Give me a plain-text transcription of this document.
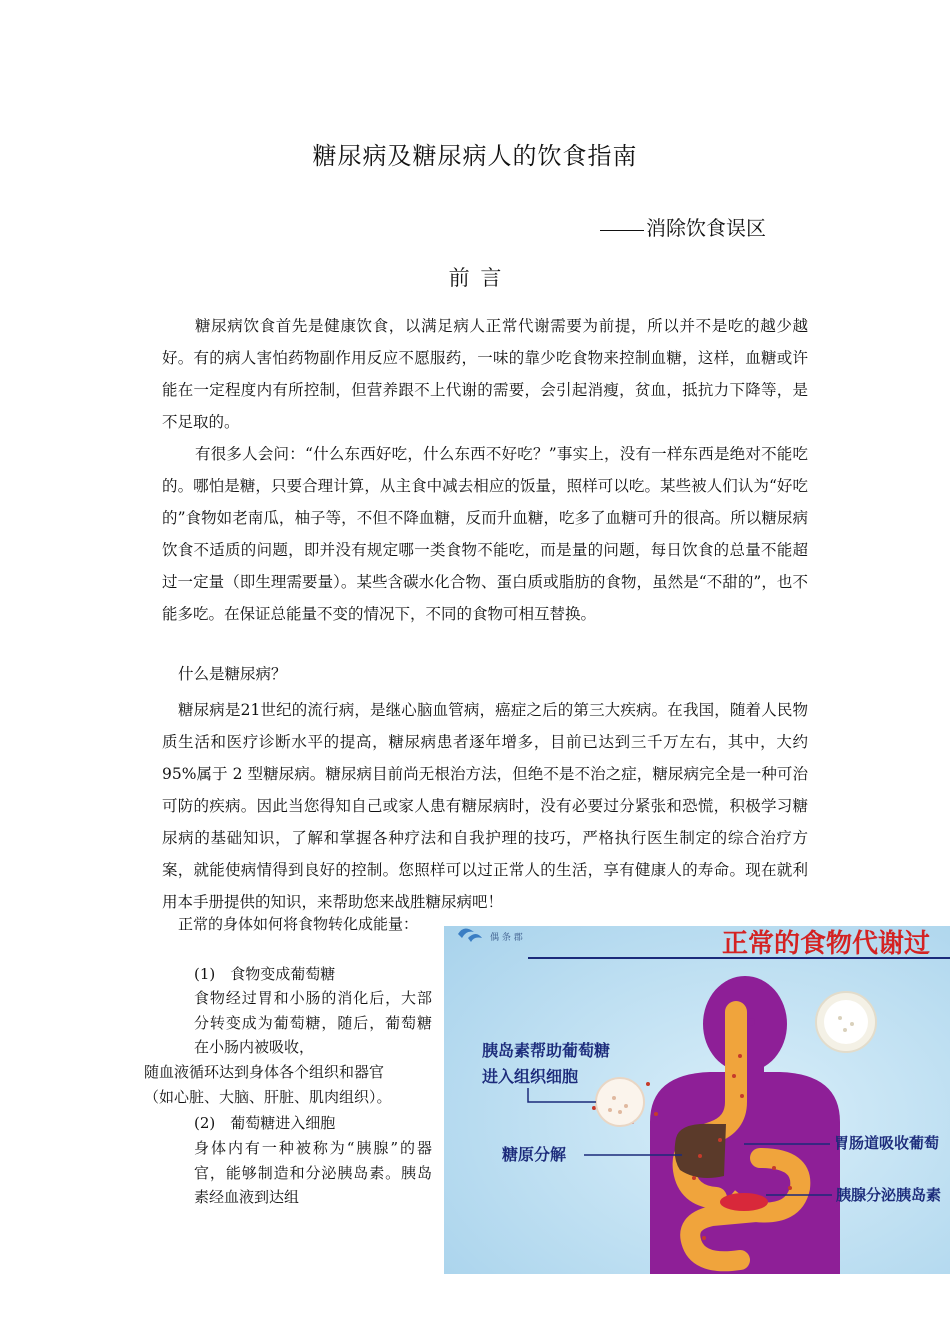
糖尿病及糖尿病人的饮食指南
消除饮食误区
前 言
糖尿病饮食首先是健康饮食，以满足病人正常代谢需要为前提，所以并不是吃的越少越好。有的病人害怕药物副作用反应不愿服药，一味的靠少吃食物来控制血糖，这样，血糖或许能在一定程度内有所控制，但营养跟不上代谢的需要，会引起消瘦，贫血，抵抗力下降等，是不足取的。
有很多人会问：“什么东西好吃，什么东西不好吃？”事实上，没有一样东西是绝对不能吃的。哪怕是糖，只要合理计算，从主食中减去相应的饭量，照样可以吃。某些被人们认为“好吃的”食物如老南瓜，柚子等，不但不降血糖，反而升血糖，吃多了血糖可升的很高。所以糖尿病饮食不适质的问题，即并没有规定哪一类食物不能吃，而是量的问题，每日饮食的总量不能超过一定量（即生理需要量）。某些含碳水化合物、蛋白质或脂肪的食物，虽然是“不甜的”，也不能多吃。在保证总能量不变的情况下，不同的食物可相互替换。
什么是糖尿病？
糖尿病是21世纪的流行病，是继心脑血管病，癌症之后的第三大疾病。在我国，随着人民物质生活和医疗诊断水平的提高，糖尿病患者逐年增多，目前已达到三千万左右，其中，大约 95%属于 2 型糖尿病。糖尿病目前尚无根治方法，但绝不是不治之症，糖尿病完全是一种可治可防的疾病。因此当您得知自己或家人患有糖尿病时，没有必要过分紧张和恐慌，积极学习糖尿病的基础知识，了解和掌握各种疗法和自我护理的技巧，严格执行医生制定的综合治疗方案，就能使病情得到良好的控制。您照样可以过正常人的生活，享有健康人的寿命。现在就利用本手册提供的知识，来帮助您来战胜糖尿病吧！
正常的身体如何将食物转化成能量：
(1)　食物变成葡萄糖
食物经过胃和小肠的消化后，大部分转变成为葡萄糖，随后，葡萄糖在小肠内被吸收，
随血液循环达到身体各个组织和器官
（如心脏、大脑、肝脏、肌肉组织）。
(2)　葡萄糖进入细胞
身体内有一种被称为“胰腺”的器官，能够制造和分泌胰岛素。胰岛素经血液到达组
偶 条 郡	正常的食物代谢过
胰岛素帮助葡萄糖
进入组织细胞
糖原分解
胃肠道吸收葡萄
胰腺分泌胰岛素
